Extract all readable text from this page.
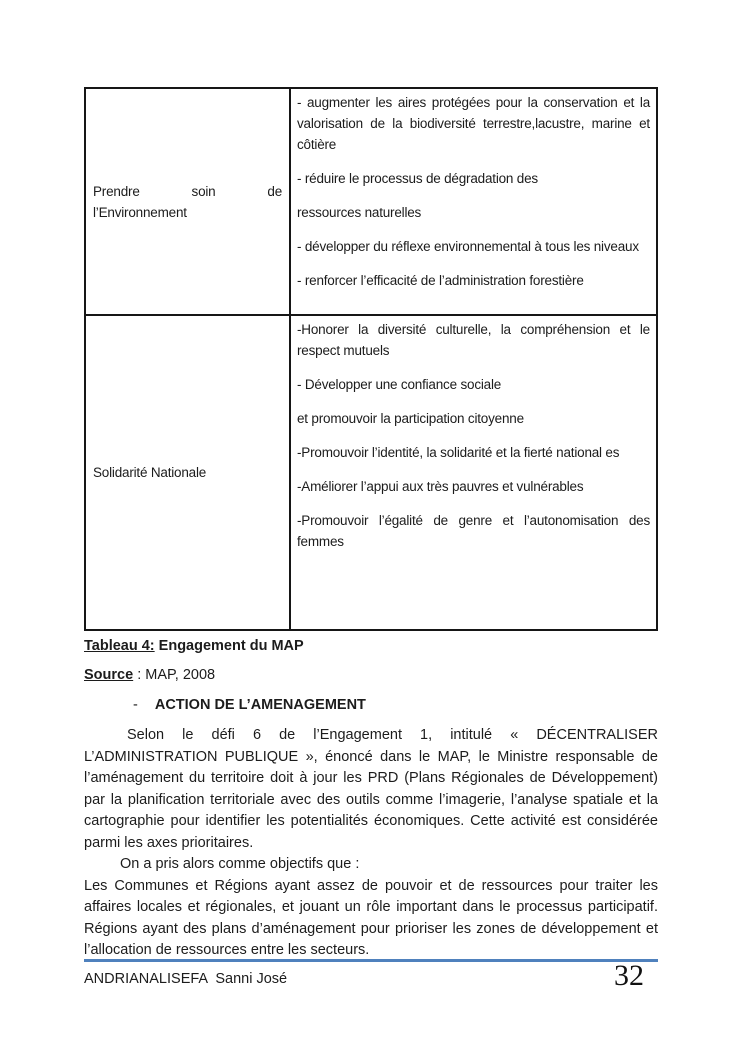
Prendre soin de
l’Environnement

- augmenter les aires protégées pour la conservation et la valorisation de la biodiversité terrestre,lacustre, marine et côtière

- réduire le processus de dégradation des

ressources naturelles

- développer du réflexe environnemental à tous les niveaux

- renforcer l’efficacité de l’administration forestière

Solidarité Nationale

-Honorer la diversité culturelle, la compréhension et le respect mutuels

- Développer une confiance sociale

et promouvoir la participation citoyenne

-Promouvoir l’identité, la solidarité et la fierté national es

-Améliorer l’appui aux très pauvres et vulnérables

-Promouvoir l’égalité de genre et l’autonomisation des femmes

Tableau 4: Engagement du MAP
Source : MAP, 2008
- ACTION DE L’AMENAGEMENT

Selon le défi 6 de l’Engagement 1, intitulé « DÉCENTRALISER L’ADMINISTRATION PUBLIQUE », énoncé dans le MAP, le Ministre responsable de l’aménagement du territoire doit à jour les PRD (Plans Régionales de Développement) par la planification territoriale avec des outils comme l’imagerie, l’analyse spatiale et la cartographie pour identifier les potentialités économiques. Cette activité est considérée parmi les axes prioritaires.

On a pris alors comme objectifs que :

Les Communes et Régions ayant assez de pouvoir et de ressources pour traiter les affaires locales et régionales, et jouant un rôle important dans le processus participatif. Régions ayant des plans d’aménagement pour prioriser les zones de développement et l’allocation de ressources entre les secteurs.

ANDRIANALISEFA  Sanni José	32
